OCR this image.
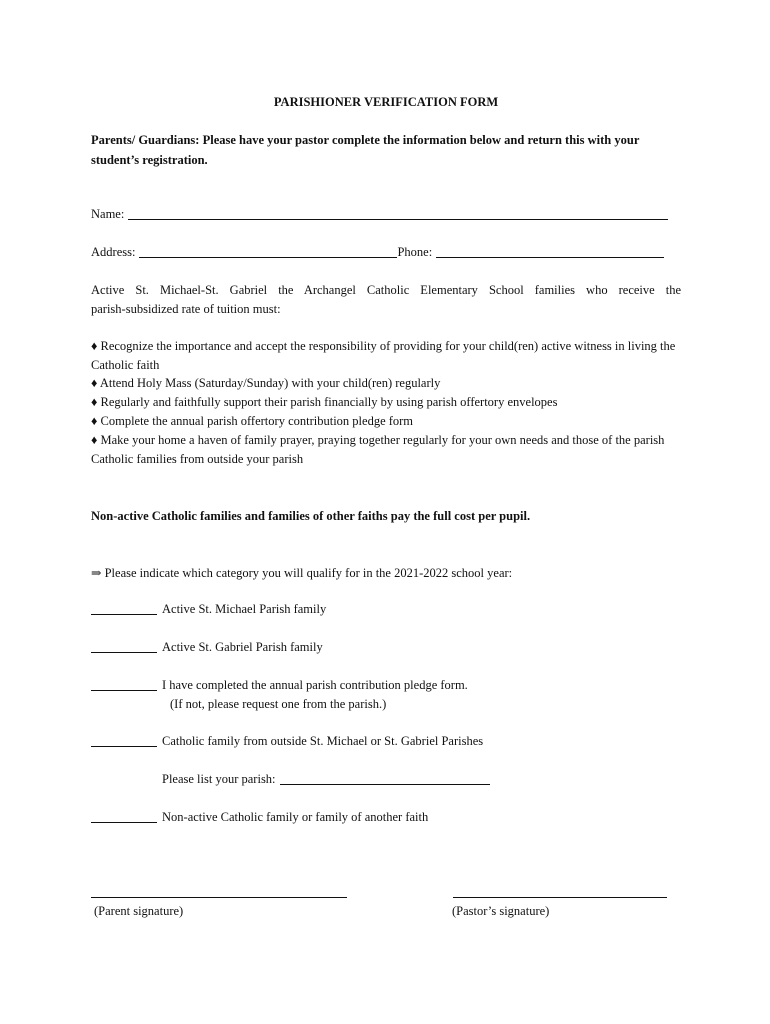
PARISHIONER VERIFICATION FORM
Parents/ Guardians: Please have your pastor complete the information below and return this with your student’s registration.
Name:
Address:	Phone:
Active St. Michael-St. Gabriel the Archangel Catholic Elementary School families who receive the
parish-subsidized rate of tuition must:
♦ Recognize the importance and accept the responsibility of providing for your child(ren) active witness in living the Catholic faith
♦ Attend Holy Mass (Saturday/Sunday) with your child(ren) regularly
♦ Regularly and faithfully support their parish financially by using parish offertory envelopes
♦ Complete the annual parish offertory contribution pledge form
♦ Make your home a haven of family prayer, praying together regularly for your own needs and those of the parish Catholic families from outside your parish
Non-active Catholic families and families of other faiths pay the full cost per pupil.
⇒ Please indicate which category you will qualify for in the 2021-2022 school year:
Active St. Michael Parish family
Active St. Gabriel Parish family
I have completed the annual parish contribution pledge form.
(If not, please request one from the parish.)
Catholic family from outside St. Michael or St. Gabriel Parishes
Please list your parish:
Non-active Catholic family or family of another faith
(Parent signature)	(Pastor’s signature)
